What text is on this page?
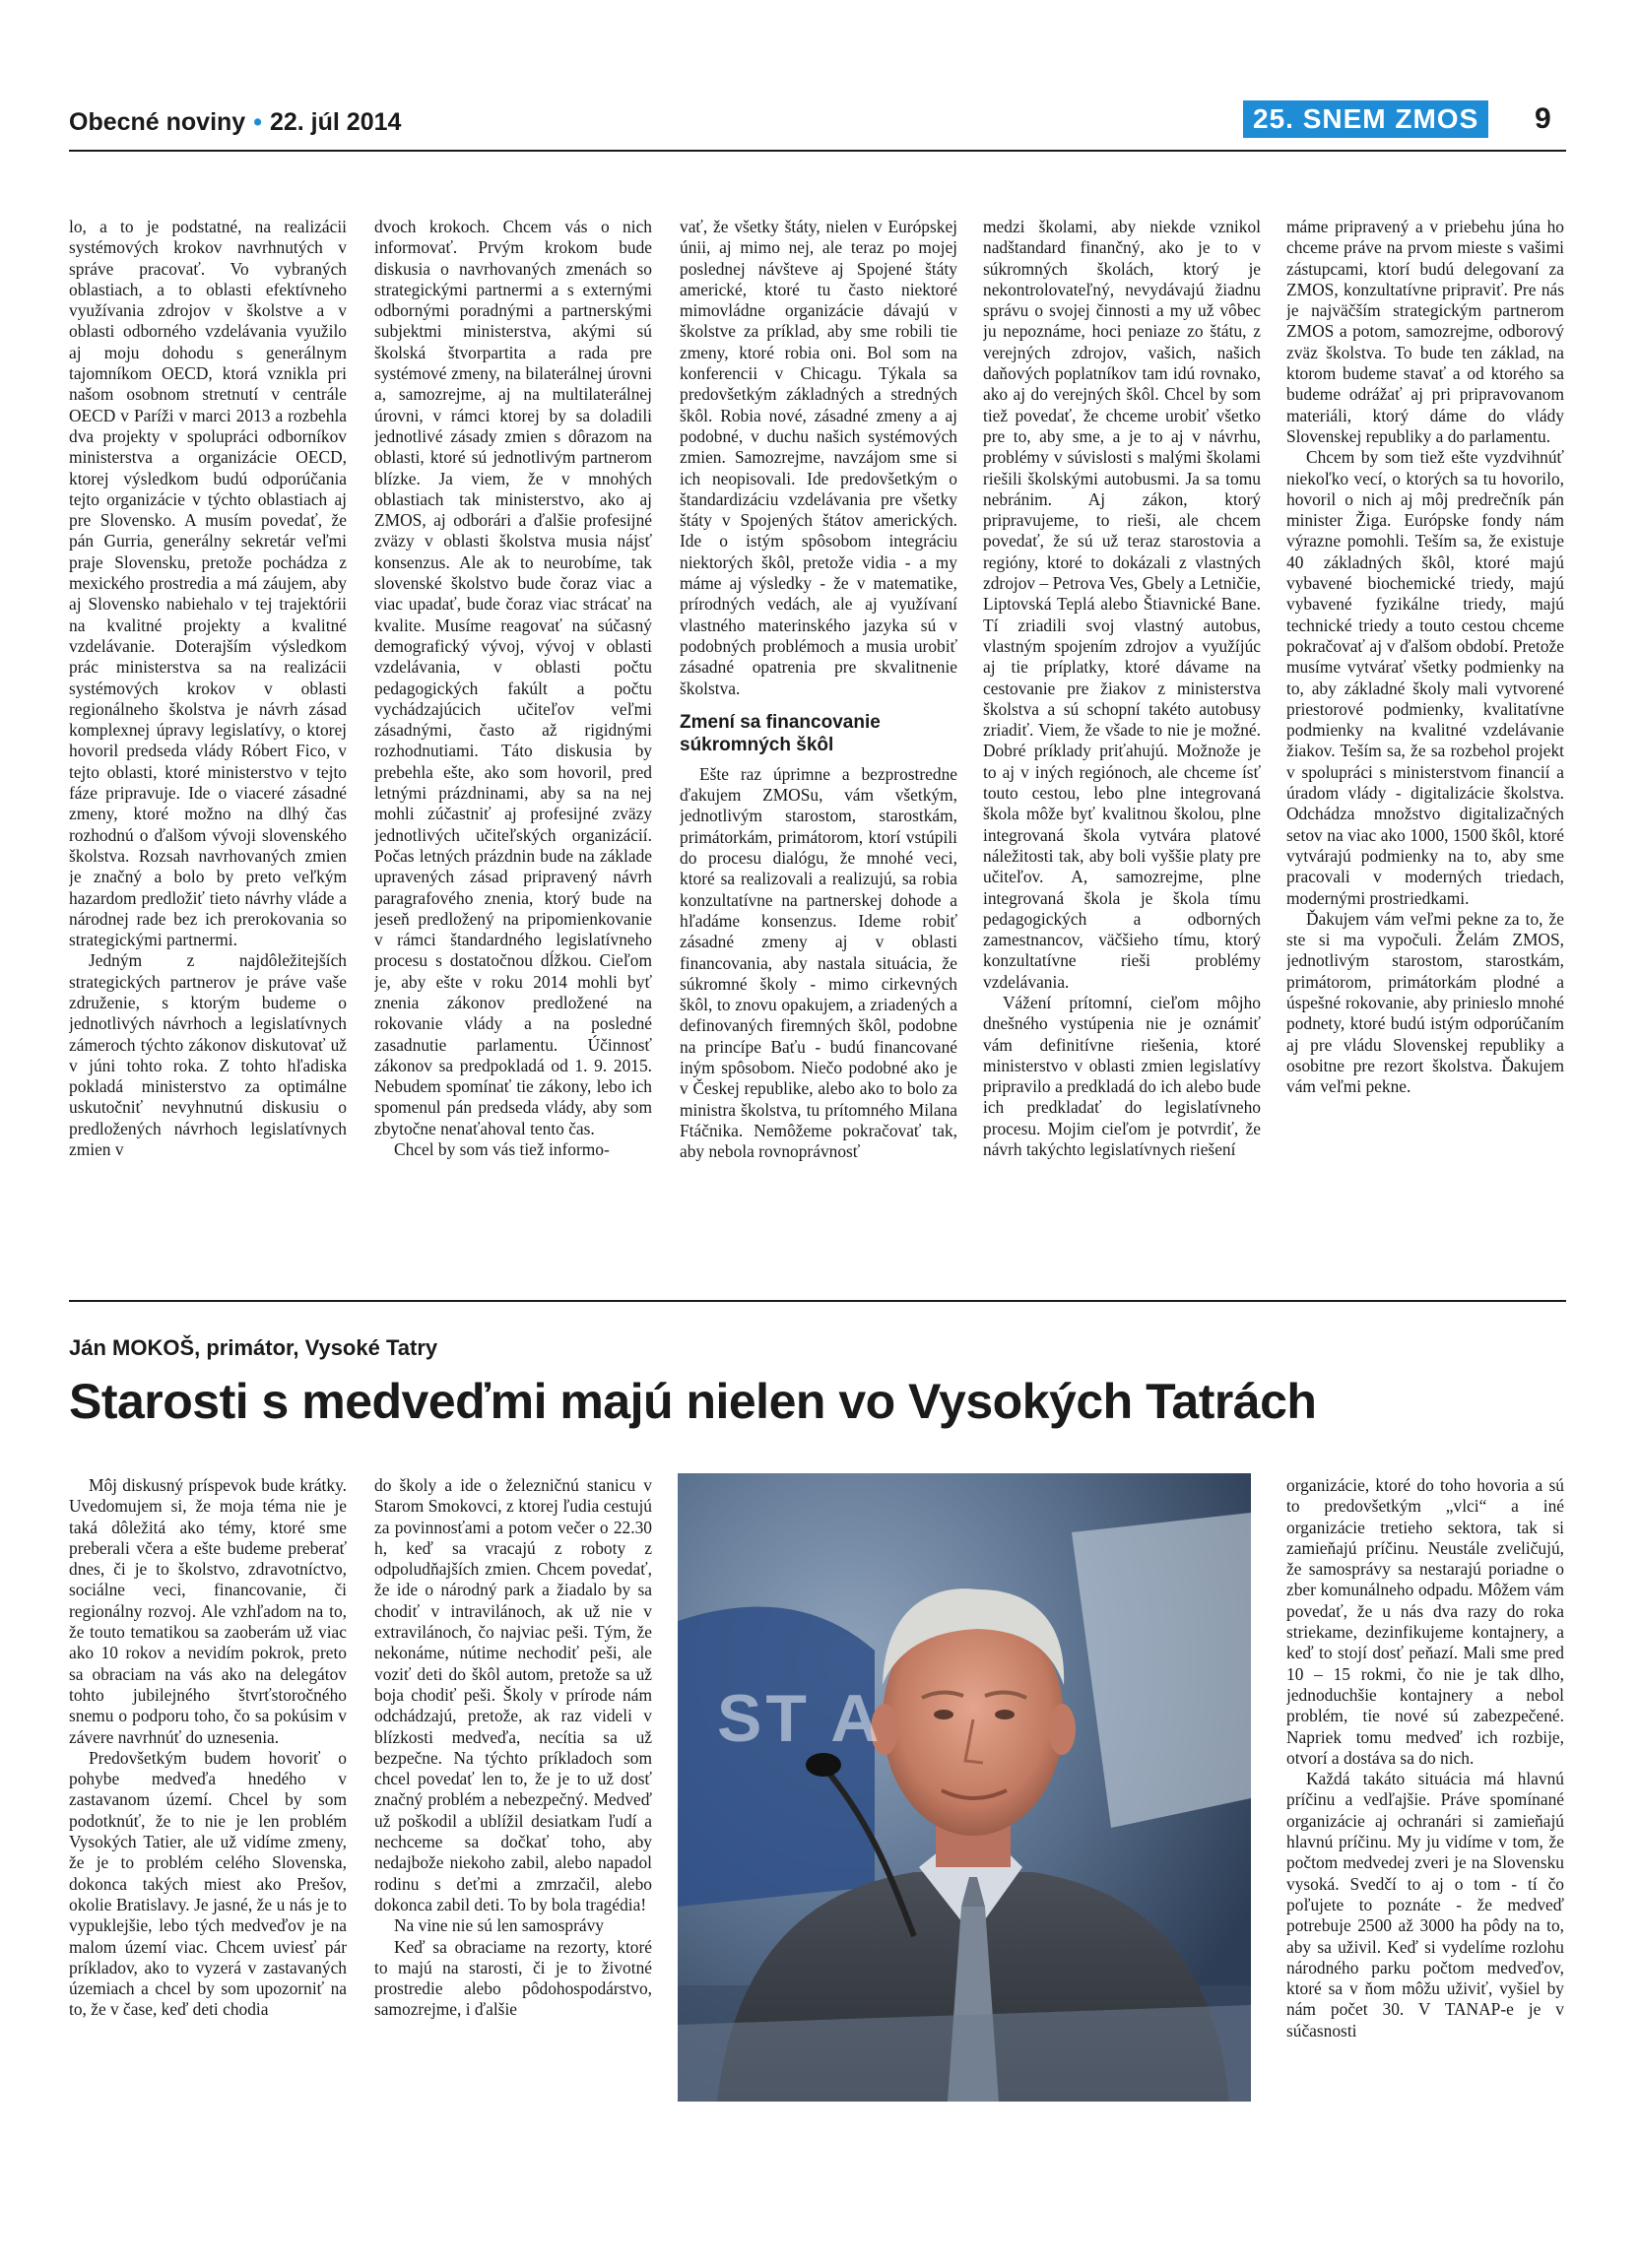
Obecné noviny • 22. júl 2014	25. SNEM ZMOS	9

lo, a to je podstatné, na realizácii systémových krokov navrhnutých v správe pracovať. Vo vybraných oblastiach, a to oblasti efektívneho využívania zdrojov v školstve a v oblasti odborného vzdelávania využilo aj moju dohodu s generálnym tajomníkom OECD, ktorá vznikla pri našom osobnom stretnutí v centrále OECD v Paríži v marci 2013 a rozbehla dva projekty v spolupráci odborníkov ministerstva a organizácie OECD, ktorej výsledkom budú odporúčania tejto organizácie v týchto oblastiach aj pre Slovensko. A musím povedať, že pán Gurria, generálny sekretár veľmi praje Slovensku, pretože pochádza z mexického prostredia a má záujem, aby aj Slovensko nabiehalo v tej trajektórii na kvalitné projekty a kvalitné vzdelávanie. Doterajším výsledkom prác ministerstva sa na realizácii systémových krokov v oblasti regionálneho školstva je návrh zásad komplexnej úpravy legislatívy, o ktorej hovoril predseda vlády Róbert Fico, v tejto oblasti, ktoré ministerstvo v tejto fáze pripravuje. Ide o viaceré zásadné zmeny, ktoré možno na dlhý čas rozhodnú o ďalšom vývoji slovenského školstva. Rozsah navrhovaných zmien je značný a bolo by preto veľkým hazardom predložiť tieto návrhy vláde a národnej rade bez ich prerokovania so strategickými partnermi.

Jedným z najdôležitejších strategických partnerov je práve vaše združenie, s ktorým budeme o jednotlivých návrhoch a legislatívnych zámeroch týchto zákonov diskutovať už v júni tohto roka. Z tohto hľadiska pokladá ministerstvo za optimálne uskutočniť nevyhnutnú diskusiu o predložených návrhoch legislatívnych zmien v

dvoch krokoch. Chcem vás o nich informovať. Prvým krokom bude diskusia o navrhovaných zmenách so strategickými partnermi a s externými odbornými poradnými a partnerskými subjektmi ministerstva, akými sú školská štvorpartita a rada pre systémové zmeny, na bilaterálnej úrovni a, samozrejme, aj na multilaterálnej úrovni, v rámci ktorej by sa doladili jednotlivé zásady zmien s dôrazom na oblasti, ktoré sú jednotlivým partnerom blízke. Ja viem, že v mnohých oblastiach tak ministerstvo, ako aj ZMOS, aj odborári a ďalšie profesijné zväzy v oblasti školstva musia nájsť konsenzus. Ale ak to neurobíme, tak slovenské školstvo bude čoraz viac a viac upadať, bude čoraz viac strácať na kvalite. Musíme reagovať na súčasný demografický vývoj, vývoj v oblasti vzdelávania, v oblasti počtu pedagogických fakúlt a počtu vychádzajúcich učiteľov veľmi zásadnými, často až rigidnými rozhodnutiami. Táto diskusia by prebehla ešte, ako som hovoril, pred letnými prázdninami, aby sa na nej mohli zúčastniť aj profesijné zväzy jednotlivých učiteľských organizácií. Počas letných prázdnin bude na základe upravených zásad pripravený návrh paragrafového znenia, ktorý bude na jeseň predložený na pripomienkovanie v rámci štandardného legislatívneho procesu s dostatočnou dĺžkou. Cieľom je, aby ešte v roku 2014 mohli byť znenia zákonov predložené na rokovanie vlády a na posledné zasadnutie parlamentu. Účinnosť zákonov sa predpokladá od 1. 9. 2015. Nebudem spomínať tie zákony, lebo ich spomenul pán predseda vlády, aby som zbytočne nenaťahoval tento čas.

Chcel by som vás tiež informo-

vať, že všetky štáty, nielen v Európskej únii, aj mimo nej, ale teraz po mojej poslednej návšteve aj Spojené štáty americké, ktoré tu často niektoré mimovládne organizácie dávajú v školstve za príklad, aby sme robili tie zmeny, ktoré robia oni. Bol som na konferencii v Chicagu. Týkala sa predovšetkým základných a stredných škôl. Robia nové, zásadné zmeny a aj podobné, v duchu našich systémových zmien. Samozrejme, navzájom sme si ich neopisovali. Ide predovšetkým o štandardizáciu vzdelávania pre všetky štáty v Spojených štátov amerických. Ide o istým spôsobom integráciu niektorých škôl, pretože vidia - a my máme aj výsledky - že v matematike, prírodných vedách, ale aj využívaní vlastného materinského jazyka sú v podobných problémoch a musia urobiť zásadné opatrenia pre skvalitnenie školstva.

Zmení sa financovanie súkromných škôl

Ešte raz úprimne a bezprostredne ďakujem ZMOSu, vám všetkým, jednotlivým starostom, starostkám, primátorkám, primátorom, ktorí vstúpili do procesu dialógu, že mnohé veci, ktoré sa realizovali a realizujú, sa robia konzultatívne na partnerskej dohode a hľadáme konsenzus. Ideme robiť zásadné zmeny aj v oblasti financovania, aby nastala situácia, že súkromné školy - mimo cirkevných škôl, to znovu opakujem, a zriadených a definovaných firemných škôl, podobne na princípe Baťu - budú financované iným spôsobom. Niečo podobné ako je v Českej republike, alebo ako to bolo za ministra školstva, tu prítomného Milana Ftáčnika. Nemôžeme pokračovať tak, aby nebola rovnoprávnosť

medzi školami, aby niekde vznikol nadštandard finančný, ako je to v súkromných školách, ktorý je nekontrolovateľný, nevydávajú žiadnu správu o svojej činnosti a my už vôbec ju nepoznáme, hoci peniaze zo štátu, z verejných zdrojov, vašich, našich daňových poplatníkov tam idú rovnako, ako aj do verejných škôl. Chcel by som tiež povedať, že chceme urobiť všetko pre to, aby sme, a je to aj v návrhu, problémy v súvislosti s malými školami riešili školskými autobusmi. Ja sa tomu nebránim. Aj zákon, ktorý pripravujeme, to rieši, ale chcem povedať, že sú už teraz starostovia a regióny, ktoré to dokázali z vlastných zdrojov – Petrova Ves, Gbely a Letničie, Liptovská Teplá alebo Štiavnické Bane. Tí zriadili svoj vlastný autobus, vlastným spojením zdrojov a využíjúc aj tie príplatky, ktoré dávame na cestovanie pre žiakov z ministerstva školstva a sú schopní takéto autobusy zriadiť. Viem, že všade to nie je možné. Dobré príklady priťahujú. Možnože je to aj v iných regiónoch, ale chceme ísť touto cestou, lebo plne integrovaná škola môže byť kvalitnou školou, plne integrovaná škola vytvára platové náležitosti tak, aby boli vyššie platy pre učiteľov. A, samozrejme, plne integrovaná škola je škola tímu pedagogických a odborných zamestnancov, väčšieho tímu, ktorý konzultatívne rieši problémy vzdelávania.

Vážení prítomní, cieľom môjho dnešného vystúpenia nie je oznámiť vám definitívne riešenia, ktoré ministerstvo v oblasti zmien legislatívy pripravilo a predkladá do ich alebo bude ich predkladať do legislatívneho procesu. Mojim cieľom je potvrdiť, že návrh takýchto legislatívnych riešení

máme pripravený a v priebehu júna ho chceme práve na prvom mieste s vašimi zástupcami, ktorí budú delegovaní za ZMOS, konzultatívne pripraviť. Pre nás je najväčším strategickým partnerom ZMOS a potom, samozrejme, odborový zväz školstva. To bude ten základ, na ktorom budeme stavať a od ktorého sa budeme odrážať aj pri pripravovanom materiáli, ktorý dáme do vlády Slovenskej republiky a do parlamentu.

Chcem by som tiež ešte vyzdvihnúť niekoľko vecí, o ktorých sa tu hovorilo, hovoril o nich aj môj predrečník pán minister Žiga. Európske fondy nám výrazne pomohli. Teším sa, že existuje 40 základných škôl, ktoré majú vybavené biochemické triedy, majú vybavené fyzikálne triedy, majú technické triedy a touto cestou chceme pokračovať aj v ďalšom období. Pretože musíme vytvárať všetky podmienky na to, aby základné školy mali vytvorené priestorové podmienky, kvalitatívne podmienky na kvalitné vzdelávanie žiakov. Teším sa, že sa rozbehol projekt v spolupráci s ministerstvom financií a úradom vlády - digitalizácie školstva. Odchádza množstvo digitalizačných setov na viac ako 1000, 1500 škôl, ktoré vytvárajú podmienky na to, aby sme pracovali v moderných triedach, modernými prostriedkami.

Ďakujem vám veľmi pekne za to, že ste si ma vypočuli. Želám ZMOS, jednotlivým starostom, starostkám, primátorom, primátorkám plodné a úspešné rokovanie, aby prinieslo mnohé podnety, ktoré budú istým odporúčaním aj pre vládu Slovenskej republiky a osobitne pre rezort školstva. Ďakujem vám veľmi pekne.

Ján MOKOŠ, primátor, Vysoké Tatry
Starosti s medveďmi majú nielen vo Vysokých Tatrách

Môj diskusný príspevok bude krátky. Uvedomujem si, že moja téma nie je taká dôležitá ako témy, ktoré sme preberali včera a ešte budeme preberať dnes, či je to školstvo, zdravotníctvo, sociálne veci, financovanie, či regionálny rozvoj. Ale vzhľadom na to, že touto tematikou sa zaoberám už viac ako 10 rokov a nevidím pokrok, preto sa obraciam na vás ako na delegátov tohto jubilejného štvrťstoročného snemu o podporu toho, čo sa pokúsim v závere navrhnúť do uznesenia.

Predovšetkým budem hovoriť o pohybe medveďa hnedého v zastavanom území. Chcel by som podotknúť, že to nie je len problém Vysokých Tatier, ale už vidíme zmeny, že je to problém celého Slovenska, dokonca takých miest ako Prešov, okolie Bratislavy. Je jasné, že u nás je to vypuklejšie, lebo tých medveďov je na malom území viac. Chcem uviesť pár príkladov, ako to vyzerá v zastavaných územiach a chcel by som upozorniť na to, že v čase, keď deti chodia

do školy a ide o železničnú stanicu v Starom Smokovci, z ktorej ľudia cestujú za povinnosťami a potom večer o 22.30 h, keď sa vracajú z roboty z odpoludňajších zmien. Chcem povedať, že ide o národný park a žiadalo by sa chodiť v intravilánoch, ak už nie v extravilánoch, čo najviac peši. Tým, že nekonáme, nútime nechodiť peši, ale voziť deti do škôl autom, pretože sa už boja chodiť peši. Školy v prírode nám odchádzajú, pretože, ak raz videli v blízkosti medveďa, necítia sa už bezpečne. Na týchto príkladoch som chcel povedať len to, že je to už dosť značný problém a nebezpečný. Medveď už poškodil a ublížil desiatkam ľudí a nechceme sa dočkať toho, aby nedajbože niekoho zabil, alebo napadol rodinu s deťmi a zmrzačil, alebo dokonca zabil deti. To by bola tragédia!

Na vine nie sú len samosprávy

Keď sa obraciame na rezorty, ktoré to majú na starosti, či je to životné prostredie alebo pôdohospodárstvo, samozrejme, i ďalšie

ST A

organizácie, ktoré do toho hovoria a sú to predovšetkým „vlci“ a iné organizácie tretieho sektora, tak si zamieňajú príčinu. Neustále zveličujú, že samosprávy sa nestarajú poriadne o zber komunálneho odpadu. Môžem vám povedať, že u nás dva razy do roka striekame, dezinfikujeme kontajnery, a keď to stojí dosť peňazí. Mali sme pred 10 – 15 rokmi, čo nie je tak dlho, jednoduchšie kontajnery a nebol problém, tie nové sú zabezpečené. Napriek tomu medveď ich rozbije, otvorí a dostáva sa do nich.

Každá takáto situácia má hlavnú príčinu a vedľajšie. Práve spomínané organizácie aj ochranári si zamieňajú hlavnú príčinu. My ju vidíme v tom, že počtom medvedej zveri je na Slovensku vysoká. Svedčí to aj o tom - tí čo poľujete to poznáte - že medveď potrebuje 2500 až 3000 ha pôdy na to, aby sa uživil. Keď si vydelíme rozlohu národného parku počtom medveďov, ktoré sa v ňom môžu uživiť, vyšiel by nám počet 30. V TANAP-e je v súčasnosti
